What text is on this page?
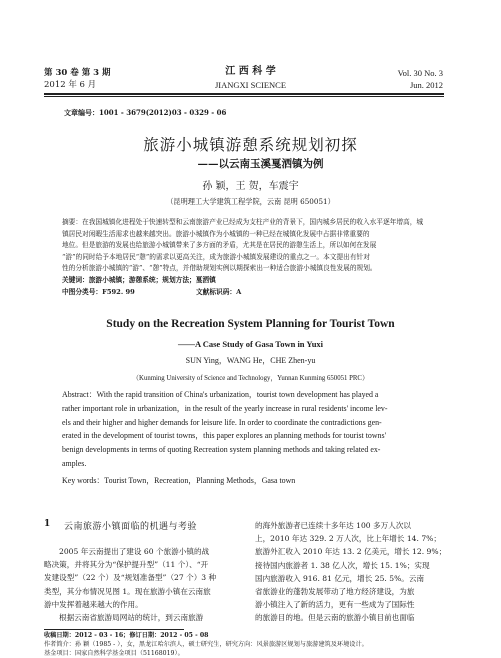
第 30 卷 第 3 期
2012 年 6 月
江 西 科 学
JIANGXI SCIENCE
Vol. 30 No. 3
Jun. 2012
文章编号：1001 - 3679(2012)03 - 0329 - 06
旅游小城镇游憩系统规划初探
——以云南玉溪戛洒镇为例
孙 颖，王 贺，车震宇
（昆明理工大学建筑工程学院，云南 昆明 650051）
摘要：在我国城镇化进程处于快速转型和云南旅游产业已经成为支柱产业的背景下，国内城乡居民的收入水平逐年增高，城
镇居民对闲暇生活需求也越来越突出。旅游小城镇作为小城镇的一种已经在城镇化发展中占据非常重要的
地位。但是旅游的发展也给旅游小城镇带来了多方面的矛盾，尤其是在居民的游憩生活上，所以如何在发展
“游”的同时给予本地居民“憩”的需求以更高关注，成为旅游小城镇发展建设的重点之一。本文提出有针对
性的分析旅游小城镇的“游”、“憩”特点，并借助规划实例以期探索出一种适合旅游小城镇良性发展的规划。
关键词：旅游小城镇；游憩系统；规划方法；戛洒镇
中图分类号：F592. 99	文献标识码：A
Study on the Recreation System Planning for Tourist Town
——A Case Study of Gasa Town in Yuxi
SUN Ying，WANG He，CHE Zhen-yu
（Kunming University of Science and Technology，Yunnan Kunming 650051 PRC）
Abstract：With the rapid transition of China's urbanization，tourist town development has played a
rather important role in urbanization，in the result of the yearly increase in rural residents' income lev-
els and their higher and higher demands for leisure life. In order to coordinate the contradictions gen-
erated in the development of tourist towns，this paper explores an planning methods for tourist towns'
benign developments in terms of quoting Recreation system planning methods and taking related ex-
amples.
Key words：Tourist Town，Recreation，Planning Methods，Gasa town
1 云南旅游小镇面临的机遇与考验
2005 年云南提出了建设 60 个旅游小镇的战
略决策，并将其分为“保护提升型”（11 个）、“开
发建设型”（22 个）及“规划准备型”（27 个）3 种
类型，其分布情况见图 1。现在旅游小镇在云南旅
游中发挥着越来越大的作用。
根据云南省旅游局网站的统计，到云南旅游
的海外旅游者已连续十多年达 100 多万人次以
上，2010 年达 329. 2 万人次，比上年增长 14. 7%；
旅游外汇收入 2010 年达 13. 2 亿美元，增长 12. 9%；
接待国内旅游者 1. 38 亿人次，增长 15. 1%；实现
国内旅游收入 916. 81 亿元，增长 25. 5%。云南
省旅游业的蓬勃发展带动了地方经济建设，为旅
游小镇注入了新的活力，更有一些成为了国际性
的旅游目的地。但是云南的旅游小镇目前也面临
收稿日期：2012 - 03 - 16；修订日期：2012 - 05 - 08
作者简介：孙 颖（1985 - ），女，黑龙江哈尔滨人，硕士研究生，研究方向：风景旅游区规划与旅游建筑及环境设计。
基金项目：国家自然科学基金项目（51168019）。
